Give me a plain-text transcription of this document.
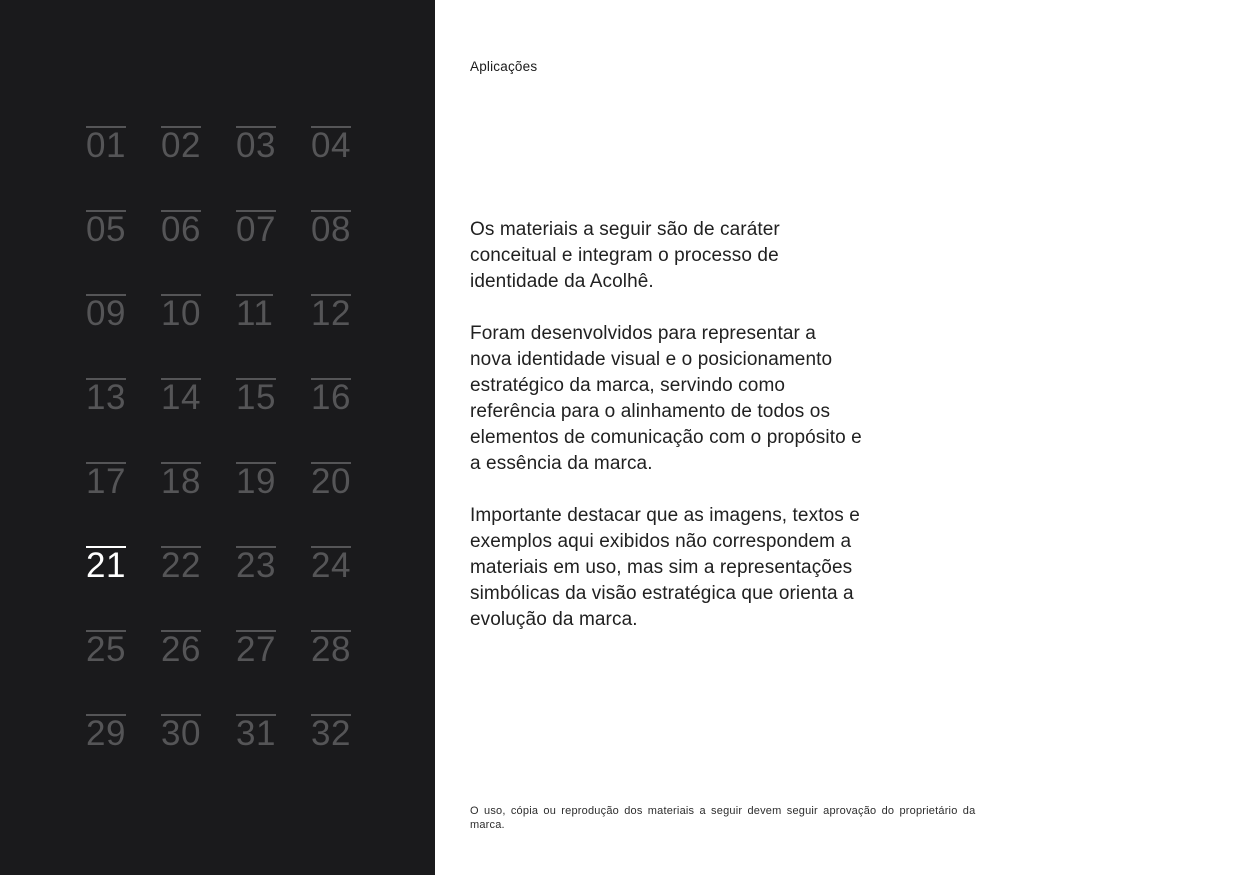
01	02	03	04
05	06	07	08
09	10	11	12
13	14	15	16
17	18	19	20
21	22	23	24
25	26	27	28
29	30	31	32
Aplicações

Os materiais a seguir são de caráter conceitual e integram o processo de identidade da Acolhê.

Foram desenvolvidos para representar a nova identidade visual e o posicionamento estratégico da marca, servindo como referência para o alinhamento de todos os elementos de comunicação com o propósito e a essência da marca.

Importante destacar que as imagens, textos e exemplos aqui exibidos não correspondem a materiais em uso, mas sim a representações simbólicas da visão estratégica que orienta a evolução da marca.

O uso, cópia ou reprodução dos materiais a seguir devem seguir aprovação do proprietário da marca.
